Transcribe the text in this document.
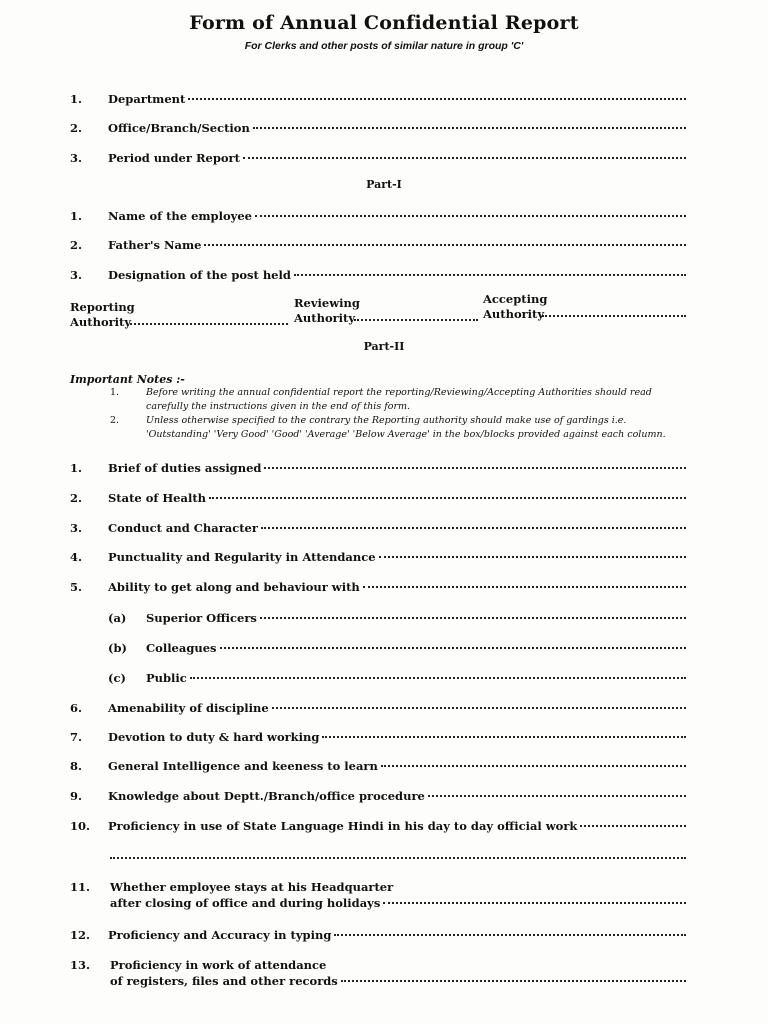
Form of Annual Confidential Report
For Clerks and other posts of similar nature in group 'C'
1.	Department
2.	Office/Branch/Section
3.	Period under Report
Part-I
1.	Name of the employee
2.	Father's Name
3.	Designation of the post held
Reporting
Authority
Reviewing
Authority
Accepting
Authority
Part-II
Important Notes :-
1.	Before writing the annual confidential report the reporting/Reviewing/Accepting Authorities should read carefully the instructions given in the end of this form.
2.	Unless otherwise specified to the contrary the Reporting authority should make use of gardings i.e. 'Outstanding' 'Very Good' 'Good' 'Average' 'Below Average' in the box/blocks provided against each column.
1.	Brief of duties assigned
2.	State of Health
3.	Conduct and Character
4.	Punctuality and Regularity in Attendance
5.	Ability to get along and behaviour with
(a)	Superior Officers
(b)	Colleagues
(c)	Public
6.	Amenability of discipline
7.	Devotion to duty & hard working
8.	General Intelligence and keeness to learn
9.	Knowledge about Deptt./Branch/office procedure
10.	Proficiency in use of State Language Hindi in his day to day official work
11.	Whether employee stays at his Headquarter
after closing of office and during holidays
12.	Proficiency and Accuracy in typing
13.	Proficiency in work of attendance
of registers, files and other records
